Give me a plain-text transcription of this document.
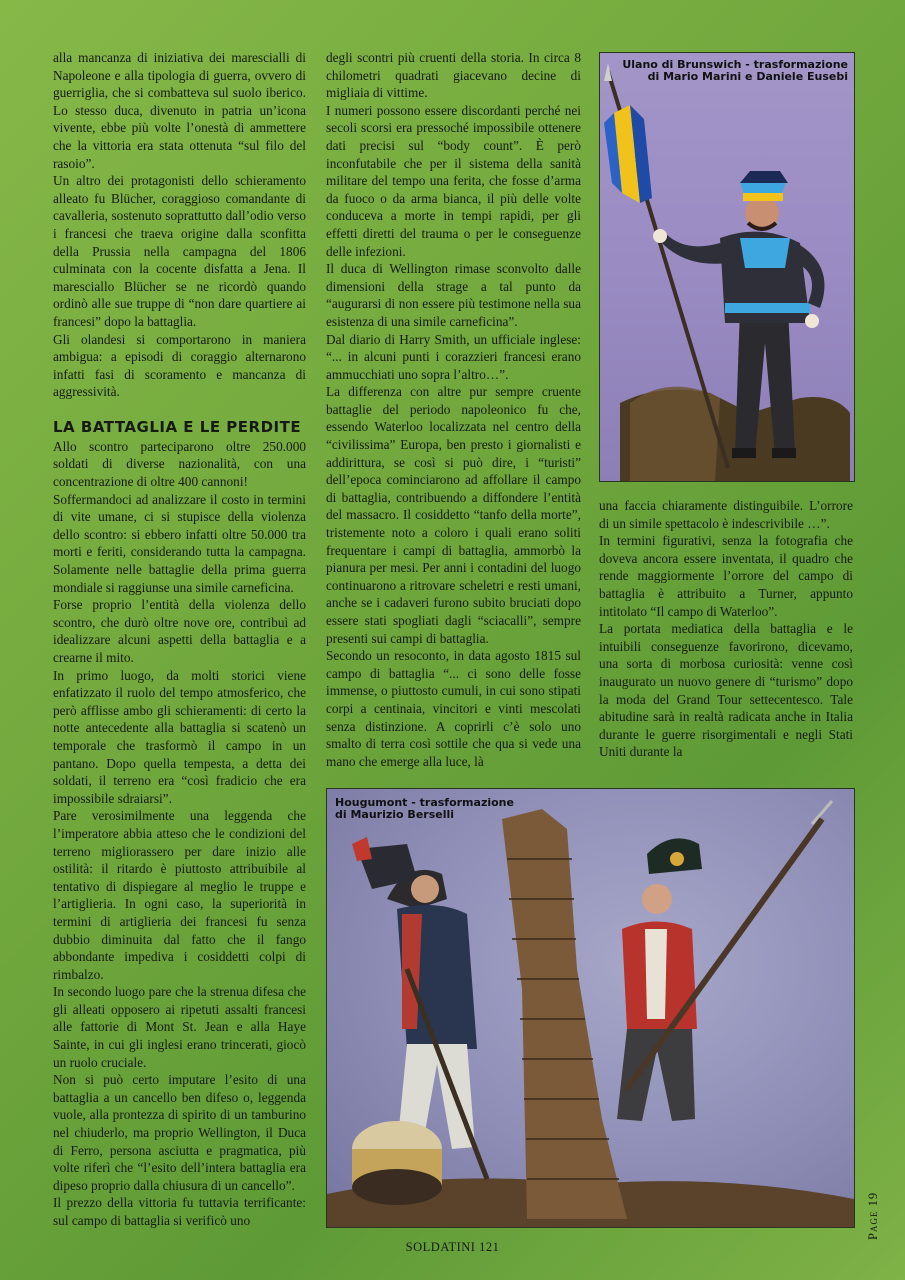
alla mancanza di iniziativa dei marescialli di Napoleone e alla tipologia di guerra, ovvero di guerriglia, che si combatteva sul suolo iberico. Lo stesso duca, divenuto in patria un’icona vivente, ebbe più volte l’onestà di ammettere che la vittoria era stata ottenuta “sul filo del rasoio”.

Un altro dei protagonisti dello schieramento alleato fu Blücher, coraggioso comandante di cavalleria, sostenuto soprattutto dall’odio verso i francesi che traeva origine dalla sconfitta della Prussia nella campagna del 1806 culminata con la cocente disfatta a Jena. Il maresciallo Blücher se ne ricordò quando ordinò alle sue truppe di “non dare quartiere ai francesi” dopo la battaglia.

Gli olandesi si comportarono in maniera ambigua: a episodi di coraggio alternarono infatti fasi di scoramento e mancanza di aggressività.

LA BATTAGLIA E LE PERDITE

Allo scontro parteciparono oltre 250.000 soldati di diverse nazionalità, con una concentrazione di oltre 400 cannoni!

Soffermandoci ad analizzare il costo in termini di vite umane, ci si stupisce della violenza dello scontro: si ebbero infatti oltre 50.000 tra morti e feriti, considerando tutta la campagna. Solamente nelle battaglie della prima guerra mondiale si raggiunse una simile carneficina.

Forse proprio l’entità della violenza dello scontro, che durò oltre nove ore, contribuì ad idealizzare alcuni aspetti della battaglia e a crearne il mito.

In primo luogo, da molti storici viene enfatizzato il ruolo del tempo atmosferico, che però afflisse ambo gli schieramenti: di certo la notte antecedente alla battaglia si scatenò un temporale che trasformò il campo in un pantano. Dopo quella tempesta, a detta dei soldati, il terreno era “così fradicio che era impossibile sdraiarsi”.

Pare verosimilmente una leggenda che l’imperatore abbia atteso che le condizioni del terreno migliorassero per dare inizio alle ostilità: il ritardo è piuttosto attribuibile al tentativo di dispiegare al meglio le truppe e l’artiglieria. In ogni caso, la superiorità in termini di artiglieria dei francesi fu senza dubbio diminuita dal fatto che il fango abbondante impediva i cosiddetti colpi di rimbalzo.

In secondo luogo pare che la strenua difesa che gli alleati opposero ai ripetuti assalti francesi alle fattorie di Mont St. Jean e alla Haye Sainte, in cui gli inglesi erano trincerati, giocò un ruolo cruciale.

Non si può certo imputare l’esito di una battaglia a un cancello ben difeso o, leggenda vuole, alla prontezza di spirito di un tamburino nel chiuderlo, ma proprio Wellington, il Duca di Ferro, persona asciutta e pragmatica, più volte riferì che “l’esito dell’intera battaglia era dipeso proprio dalla chiusura di un cancello”.

Il prezzo della vittoria fu tuttavia terrificante: sul campo di battaglia si verificò uno

degli scontri più cruenti della storia. In circa 8 chilometri quadrati giacevano decine di migliaia di vittime.

I numeri possono essere discordanti perché nei secoli scorsi era pressoché impossibile ottenere dati precisi sul “body count”. È però inconfutabile che per il sistema della sanità militare del tempo una ferita, che fosse d’arma da fuoco o da arma bianca, il più delle volte conduceva a morte in tempi rapidi, per gli effetti diretti del trauma o per le conseguenze delle infezioni.

Il duca di Wellington rimase sconvolto dalle dimensioni della strage a tal punto da “augurarsi di non essere più testimone nella sua esistenza di una simile carneficina”.

Dal diario di Harry Smith, un ufficiale inglese: “... in alcuni punti i corazzieri francesi erano ammucchiati uno sopra l’altro…”.

La differenza con altre pur sempre cruente battaglie del periodo napoleonico fu che, essendo Waterloo localizzata nel centro della “civilissima” Europa, ben presto i giornalisti e addirittura, se così si può dire, i “turisti” dell’epoca cominciarono ad affollare il campo di battaglia, contribuendo a diffondere l’entità del massacro. Il cosiddetto “tanfo della morte”, tristemente noto a coloro i quali erano soliti frequentare i campi di battaglia, ammorbò la pianura per mesi. Per anni i contadini del luogo continuarono a ritrovare scheletri e resti umani, anche se i cadaveri furono subito bruciati dopo essere stati spogliati dagli “sciacalli”, sempre presenti sui campi di battaglia.

Secondo un resoconto, in data agosto 1815 sul campo di battaglia “... ci sono delle fosse immense, o piuttosto cumuli, in cui sono stipati corpi a centinaia, vincitori e vinti mescolati senza distinzione. A coprirli c’è solo uno smalto di terra così sottile che qua si vede una mano che emerge alla luce, là

Ulano di Brunswich - trasformazione
di Mario Marini e Daniele Eusebi

una faccia chiaramente distinguibile. L’orrore di un simile spettacolo è indescrivibile …”.

In termini figurativi, senza la fotografia che doveva ancora essere inventata, il quadro che rende maggiormente l’orrore del campo di battaglia è attribuito a Turner, appunto intitolato “Il campo di Waterloo”.

La portata mediatica della battaglia e le intuibili conseguenze favorirono, dicevamo, una sorta di morbosa curiosità: venne così inaugurato un nuovo genere di “turismo” dopo la moda del Grand Tour settecentesco. Tale abitudine sarà in realtà radicata anche in Italia durante le guerre risorgimentali e negli Stati Uniti durante la

Hougumont - trasformazione
di Maurizio Berselli
SOLDATINI 121
Page 19
